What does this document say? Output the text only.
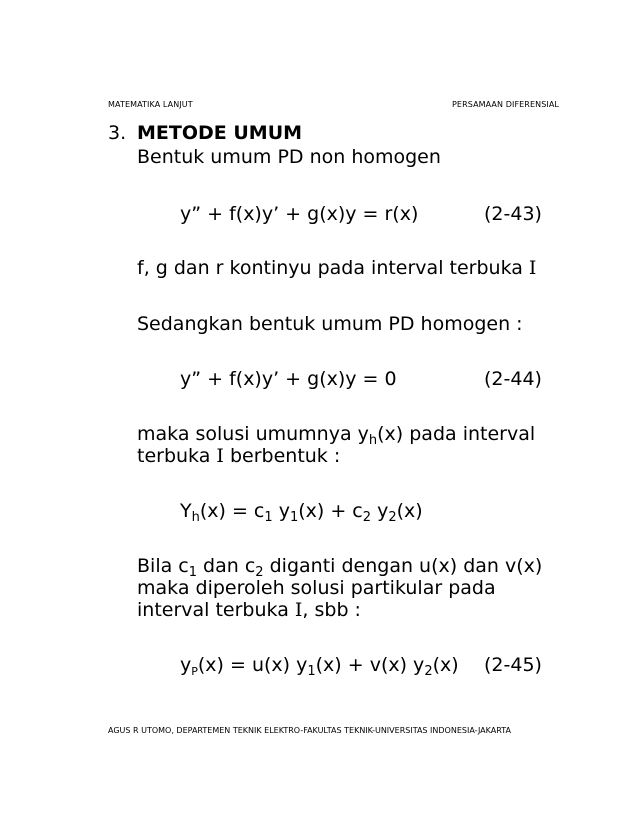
MATEMATIKA LANJUT	PERSAMAAN DIFERENSIAL
3. METODE UMUM
Bentuk umum PD non homogen
y” + f(x)y’ + g(x)y = r(x)	(2-43)
f, g dan r kontinyu pada interval terbuka I
Sedangkan bentuk umum PD homogen :
y” + f(x)y’ + g(x)y = 0	(2-44)
maka solusi umumnya $y_h(x)$ pada interval
terbuka I berbentuk :
$Y_h(x) = c_1$ $y_1(x) + c_2$ $y_2(x)$
Bila $c_1$ dan $c_2$ diganti dengan u(x) dan v(x)
maka diperoleh solusi partikular pada
interval terbuka I, sbb :
$y_P(x) = u(x) y_1(x) + v(x)$ $y_2(x)$ (2-45)
AGUS R UTOMO, DEPARTEMEN TEKNIK ELEKTRO-FAKULTAS TEKNIK-UNIVERSITAS INDONESIA-JAKARTA
